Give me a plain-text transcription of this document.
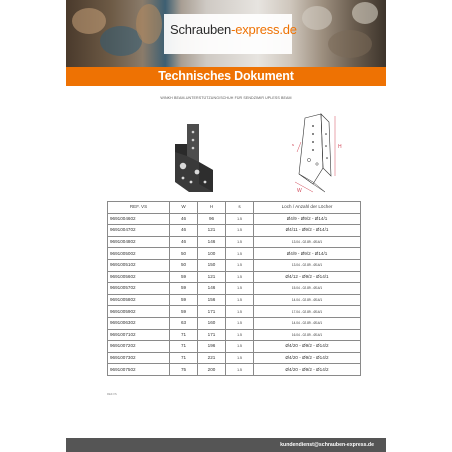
Schrauben-express.de
Technisches Dokument
WINKH BEAM-UNTERSTÜTZUNG/SCHUH FÜR SENDZIMIR UPLESS BEAM
H
W
s
REF. VS	W	H	s	Loch / Anzahl der Löcher
9691004602	46	96	1.5	Ø4/9 - Ø9/2 - Ø14/1
9691004702	46	121	1.5	Ø4/11 - Ø9/2 - Ø14/1
9691004802	46	146	1.5	13.04 - 02.89 - Ø14/1
9691005002	50	100	1.5	Ø4/9 - Ø9/2 - Ø14/1
9691005102	50	150	1.5	13.04 - 02.89 - Ø14/1
9691005602	59	121	1.5	Ø4/12 - Ø9/2 - Ø14/1
9691005702	59	146	1.5	15.04 - 02.89 - Ø14/1
9691005802	59	156	1.5	14.04 - 02.89 - Ø14/1
9691005902	59	171	1.5	17.04 - 02.89 - Ø14/1
9691006302	63	160	1.5	14.04 - 02.89 - Ø14/1
9691007102	71	171	1.5	16.04 - 02.89 - Ø14/1
9691007202	71	196	1.5	Ø4/20 - Ø9/2 - Ø14/2
9691007302	71	221	1.5	Ø4/20 - Ø9/2 - Ø14/2
9691007502	75	200	1.5	Ø4/20 - Ø9/2 - Ø14/2
REF.VS
kundendienst@schrauben-express.de
